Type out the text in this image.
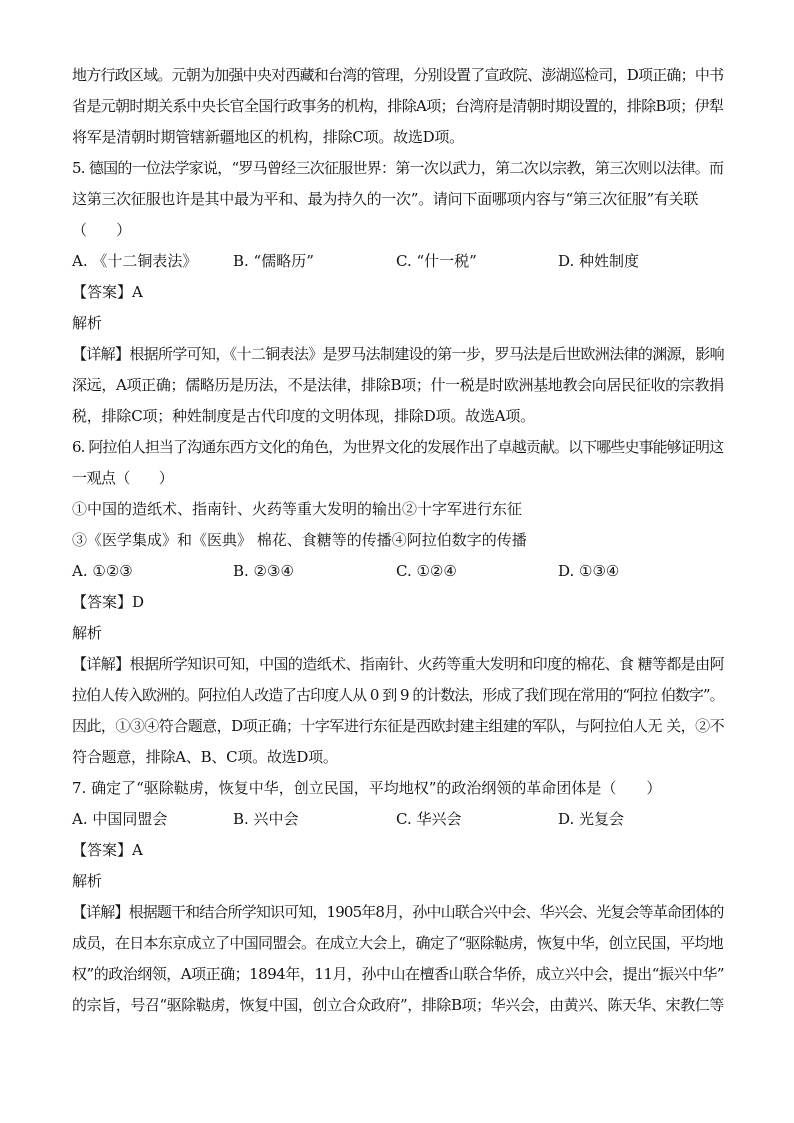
地方行政区域。元朝为加强中央对西藏和台湾的管理，分别设置了宣政院、澎湖巡检司，D项正确；中书
省是元朝时期关系中央长官全国行政事务的机构，排除A项；台湾府是清朝时期设置的，排除B项；伊犁
将军是清朝时期管辖新疆地区的机构，排除C项。故选D项。

5. 德国的一位法学家说，“罗马曾经三次征服世界：第一次以武力，第二次以宗教，第三次则以法律。而
这第三次征服也许是其中最为平和、最为持久的一次”。请问下面哪项内容与“第三次征服”有关联
（　　）

A. 《十二铜表法》	B. “儒略历”	C. “什一税”	D. 种姓制度

【答案】A

解析

【详解】根据所学可知，《十二铜表法》是罗马法制建设的第一步，罗马法是后世欧洲法律的渊源，影响
深远，A项正确；儒略历是历法，不是法律，排除B项；什一税是时欧洲基地教会向居民征收的宗教捐
税，排除C项；种姓制度是古代印度的文明体现，排除D项。故选A项。

6. 阿拉伯人担当了沟通东西方文化的角色，为世界文化的发展作出了卓越贡献。以下哪些史事能够证明这
一观点（　　）

①中国的造纸术、指南针、火药等重大发明的输出②十字军进行东征
③《医学集成》和《医典》 棉花、食糖等的传播④阿拉伯数字的传播

A. ①②③	B. ②③④	C. ①②④	D. ①③④

【答案】D

解析

【详解】根据所学知识可知，中国的造纸术、指南针、火药等重大发明和印度的棉花、食 糖等都是由阿
拉伯人传入欧洲的。阿拉伯人改造了古印度人从 0 到 9 的计数法，形成了我们现在常用的“阿拉 伯数字”。
因此，①③④符合题意，D项正确；十字军进行东征是西欧封建主组建的军队，与阿拉伯人无 关，②不
符合题意，排除A、B、C项。故选D项。

7. 确定了“驱除鞑虏，恢复中华，创立民国，平均地权”的政治纲领的革命团体是（　　）

A. 中国同盟会	B. 兴中会	C. 华兴会	D. 光复会

【答案】A

解析

【详解】根据题干和结合所学知识可知，1905年8月，孙中山联合兴中会、华兴会、光复会等革命团体的
成员，在日本东京成立了中国同盟会。在成立大会上，确定了“驱除鞑虏，恢复中华，创立民国，平均地
权”的政治纲领，A项正确；1894年，11月，孙中山在檀香山联合华侨，成立兴中会，提出“振兴中华”
的宗旨，号召“驱除鞑虏，恢复中国，创立合众政府”，排除B项；华兴会，由黄兴、陈天华、宋教仁等
